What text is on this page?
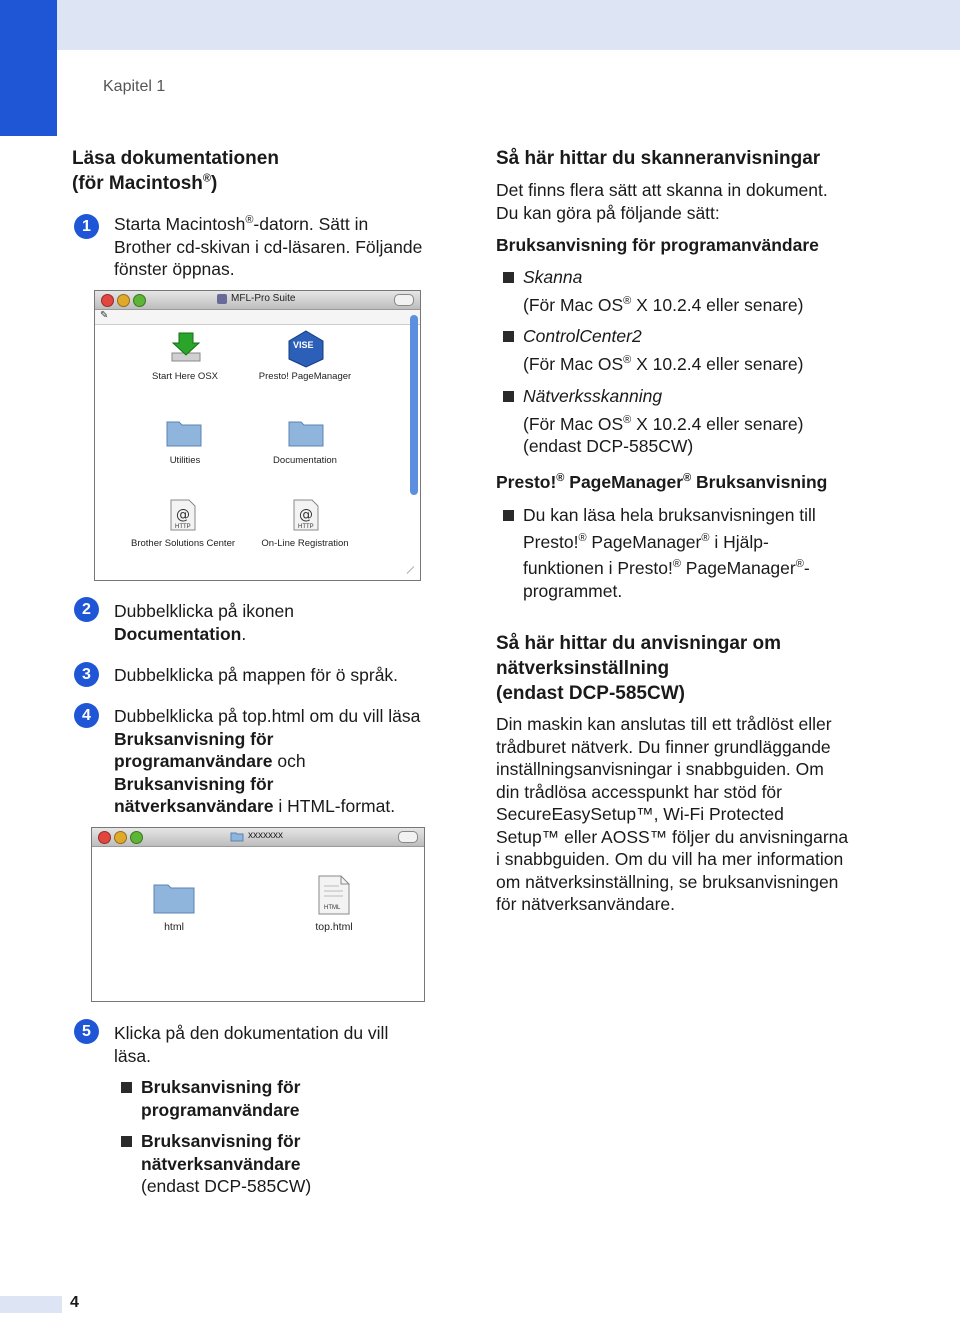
Kapitel 1
Läsa dokumentationen
(för Macintosh®)
1	Starta Macintosh®-datorn. Sätt in
Brother cd-skivan i cd-läsaren. Följande
fönster öppnas.
MFL-Pro Suite
✎
Start Here OSX
VISE
Presto! PageManager
Utilities	Documentation
@
HTTP
Brother Solutions Center
@
HTTP
On-Line Registration
2	Dubbelklicka på ikonen
Documentation.
3	Dubbelklicka på mappen för ö språk.
4	Dubbelklicka på top.html om du vill läsa
Bruksanvisning för
programanvändare och
Bruksanvisning för
nätverksanvändare i HTML-format.
xxxxxxx
html
HTML
top.html
5	Klicka på den dokumentation du vill
läsa.
Bruksanvisning för
programanvändare
Bruksanvisning för
nätverksanvändare
(endast DCP-585CW)
Så här hittar du skanneranvisningar
Det finns flera sätt att skanna in dokument.
Du kan göra på följande sätt:
Bruksanvisning för programanvändare
Skanna
(För Mac OS® X 10.2.4 eller senare)
ControlCenter2
(För Mac OS® X 10.2.4 eller senare)
Nätverksskanning
(För Mac OS® X 10.2.4 eller senare)
(endast DCP-585CW)
Presto!® PageManager® Bruksanvisning
Du kan läsa hela bruksanvisningen till
Presto!® PageManager® i Hjälp-
funktionen i Presto!® PageManager®-
programmet.
Så här hittar du anvisningar om
nätverksinställning
(endast DCP-585CW)
Din maskin kan anslutas till ett trådlöst eller
trådburet nätverk. Du finner grundläggande
inställningsanvisningar i snabbguiden. Om
din trådlösa accesspunkt har stöd för
SecureEasySetup™, Wi-Fi Protected
Setup™ eller AOSS™ följer du anvisningarna
i snabbguiden. Om du vill ha mer information
om nätverksinställning, se bruksanvisningen
för nätverksanvändare.
4
